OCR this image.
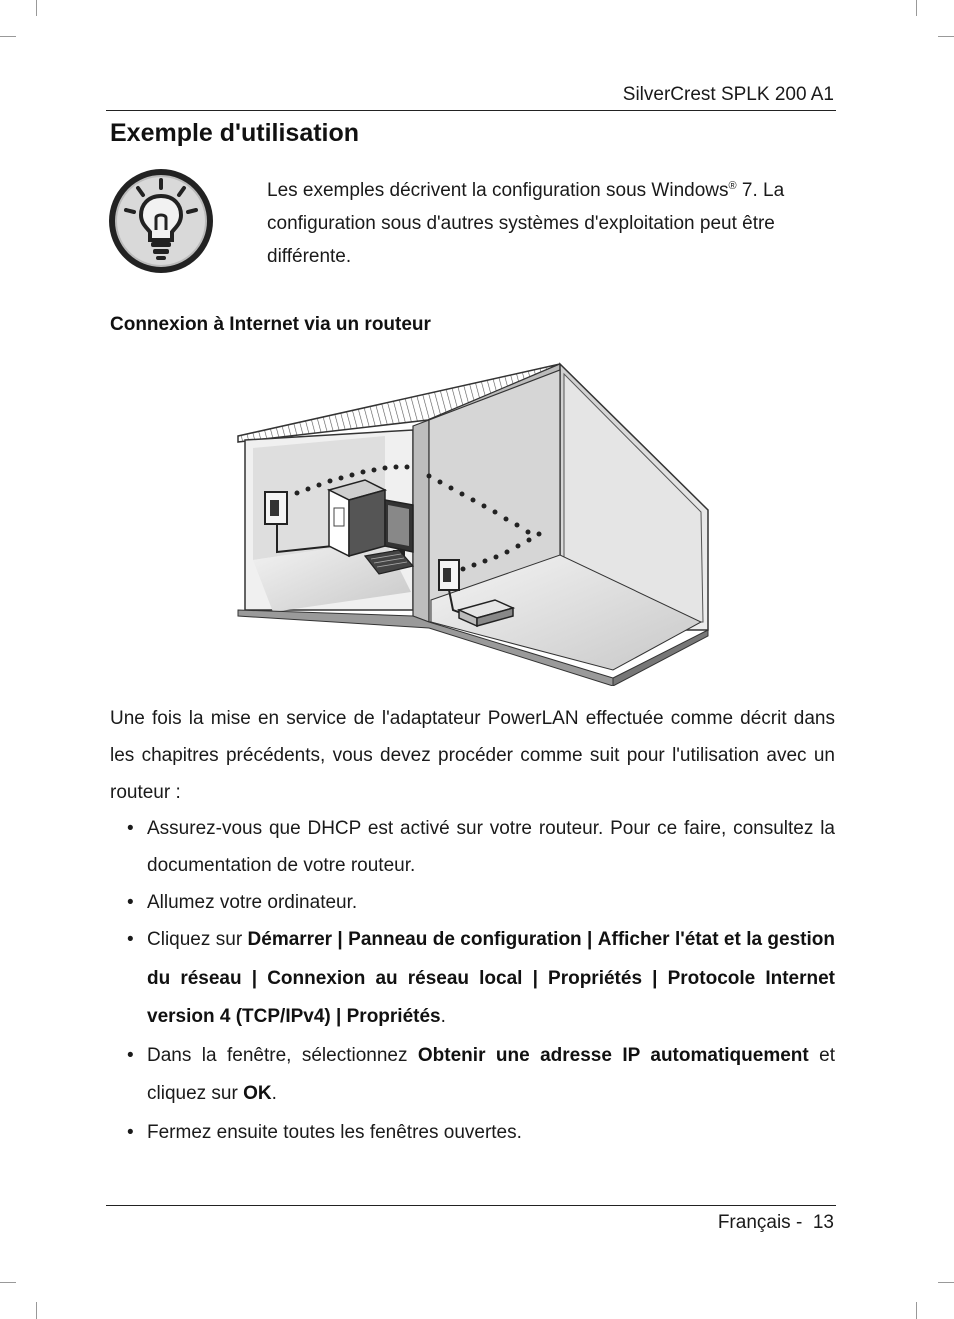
SilverCrest SPLK 200 A1
Exemple d'utilisation
Les exemples décrivent la configuration sous Windows® 7. La configuration sous d'autres systèmes d'exploitation peut être différente.
Connexion à Internet via un routeur

Une fois la mise en service de l'adaptateur PowerLAN effectuée comme décrit dans les chapitres précédents, vous devez procéder comme suit pour l'utilisation avec un routeur :

• Assurez-vous que DHCP est activé sur votre routeur. Pour ce faire, consultez la documentation de votre routeur.
• Allumez votre ordinateur.
• Cliquez sur Démarrer | Panneau de configuration | Afficher l'état et la gestion du réseau | Connexion au réseau local | Propriétés | Protocole Internet version 4 (TCP/IPv4) | Propriétés.
• Dans la fenêtre, sélectionnez Obtenir une adresse IP automatiquement et cliquez sur OK.
• Fermez ensuite toutes les fenêtres ouvertes.
Français - 13
